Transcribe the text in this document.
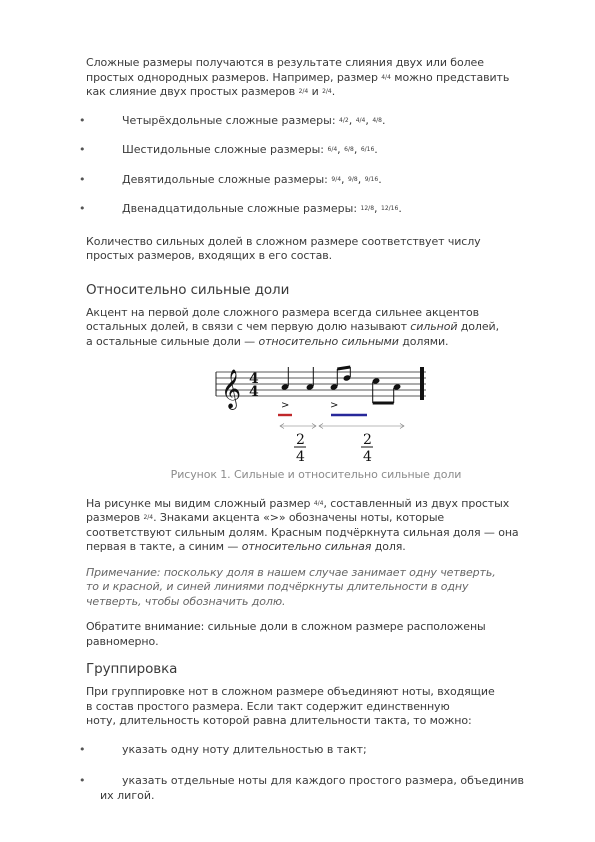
Сложные размеры получаются в результате слияния двух или более
простых однородных размеров. Например, размер 4/4 можно представить
как слияние двух простых размеров 2/4 и 2/4.

•	Четырёхдольные сложные размеры: 4/2, 4/4, 4/8.
•	Шестидольные сложные размеры: 6/4, 6/8, 6/16.
•	Девятидольные сложные размеры: 9/4, 9/8, 9/16.
•	Двенадцатидольные сложные размеры: 12/8, 12/16.

Количество сильных долей в сложном размере соответствует числу
простых размеров, входящих в его состав.

Относительно сильные доли

Акцент на первой доле сложного размера всегда сильнее акцентов
остальных долей, в связи с чем первую долю называют сильной долей,
а остальные сильные доли — относительно сильными долями.

𝄞 4
4
>	>
2
4
2
4

Рисунок 1. Сильные и относительно сильные доли

На рисунке мы видим сложный размер 4/4, составленный из двух простых
размеров 2/4. Знаками акцента «>» обозначены ноты, которые
соответствуют сильным долям. Красным подчёркнута сильная доля — она
первая в такте, а синим — относительно сильная доля.

Примечание: поскольку доля в нашем случае занимает одну четверть,
то и красной, и синей линиями подчёркнуты длительности в одну
четверть, чтобы обозначить долю.

Обратите внимание: сильные доли в сложном размере расположены
равномерно.

Группировка

При группировке нот в сложном размере объединяют ноты, входящие
в состав простого размера. Если такт содержит единственную
ноту, длительность которой равна длительности такта, то можно:

•	указать одну ноту длительностью в такт;
•	указать отдельные ноты для каждого простого размера, объединив
их лигой.
